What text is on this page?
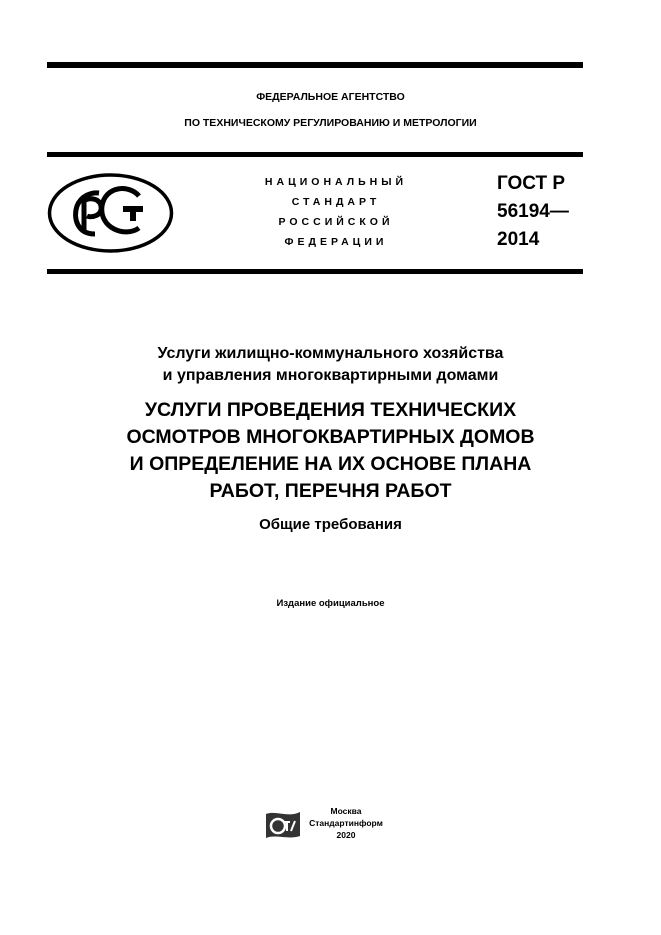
ФЕДЕРАЛЬНОЕ АГЕНТСТВО
ПО ТЕХНИЧЕСКОМУ РЕГУЛИРОВАНИЮ И МЕТРОЛОГИИ
НАЦИОНАЛЬНЫЙ
СТАНДАРТ
РОССИЙСКОЙ
ФЕДЕРАЦИИ
ГОСТ Р
56194—
2014
Услуги жилищно-коммунального хозяйства
и управления многоквартирными домами
УСЛУГИ ПРОВЕДЕНИЯ ТЕХНИЧЕСКИХ
ОСМОТРОВ МНОГОКВАРТИРНЫХ ДОМОВ
И ОПРЕДЕЛЕНИЕ НА ИХ ОСНОВЕ ПЛАНА
РАБОТ, ПЕРЕЧНЯ РАБОТ
Общие требования
Издание официальное
Москва
Стандартинформ
2020
